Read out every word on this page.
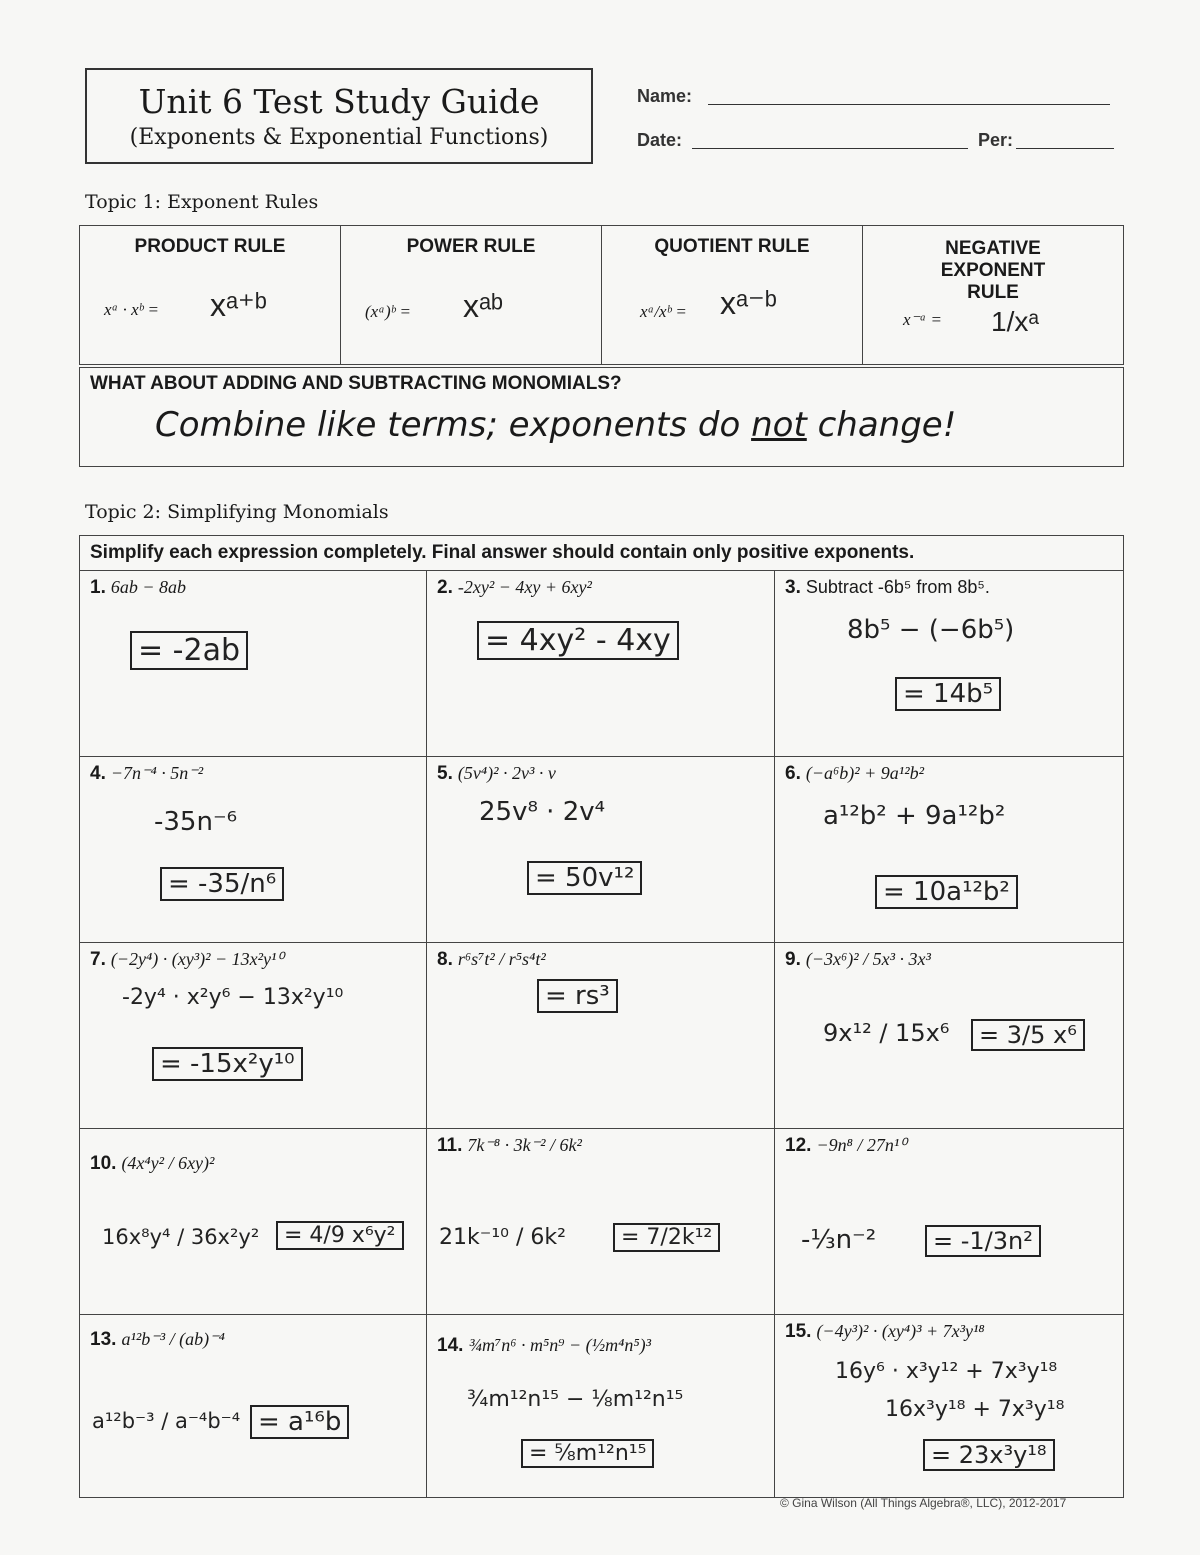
Unit 6 Test Study Guide
(Exponents & Exponential Functions)
Name:
Date:	Per:
Topic 1: Exponent Rules
PRODUCT RULE
xᵃ · xᵇ = xᵃ⁺ᵇ

POWER RULE
(xᵃ)ᵇ = xᵃᵇ

QUOTIENT RULE
xᵃ/xᵇ = xᵃ⁻ᵇ

NEGATIVE EXPONENT RULE
x⁻ᵃ = 1/xᵃ
WHAT ABOUT ADDING AND SUBTRACTING MONOMIALS?
Combine like terms; exponents do not change!
Topic 2: Simplifying Monomials
Simplify each expression completely. Final answer should contain only positive exponents.
1. 6ab − 8ab
= -2ab
2. -2xy² − 4xy + 6xy²
= 4xy² - 4xy
3. Subtract -6b⁵ from 8b⁵.
8b⁵ − (−6b⁵)
= 14b⁵
4. −7n⁻⁴ · 5n⁻²
-35n⁻⁶
= -35/n⁶
5. (5v⁴)² · 2v³ · v
25v⁸ · 2v⁴
= 50v¹²
6. (−a⁶b)² + 9a¹²b²
a¹²b² + 9a¹²b²
= 10a¹²b²
7. (−2y⁴) · (xy³)² − 13x²y¹⁰
-2y⁴ · x²y⁶ − 13x²y¹⁰
= -15x²y¹⁰
8. r⁶s⁷t² / r⁵s⁴t²
= rs³
9. (−3x⁶)² / 5x³ · 3x³
9x¹² / 15x⁶	= 3/5 x⁶
10. (4x⁴y² / 6xy)²
16x⁸y⁴ / 36x²y²	= 4/9 x⁶y²
11. 7k⁻⁸ · 3k⁻² / 6k²
21k⁻¹⁰ / 6k²	= 7/2k¹²
12. −9n⁸ / 27n¹⁰
-⅓n⁻²	= -1/3n²
13. a¹²b⁻³ / (ab)⁻⁴
a¹²b⁻³ / a⁻⁴b⁻⁴ = a¹⁶b
14. ¾m⁷n⁶ · m⁵n⁹ − (½m⁴n⁵)³
¾m¹²n¹⁵ − ⅛m¹²n¹⁵
= ⅝m¹²n¹⁵
15. (−4y³)² · (xy⁴)³ + 7x³y¹⁸
16y⁶ · x³y¹² + 7x³y¹⁸
16x³y¹⁸ + 7x³y¹⁸
= 23x³y¹⁸
© Gina Wilson (All Things Algebra®, LLC), 2012-2017
